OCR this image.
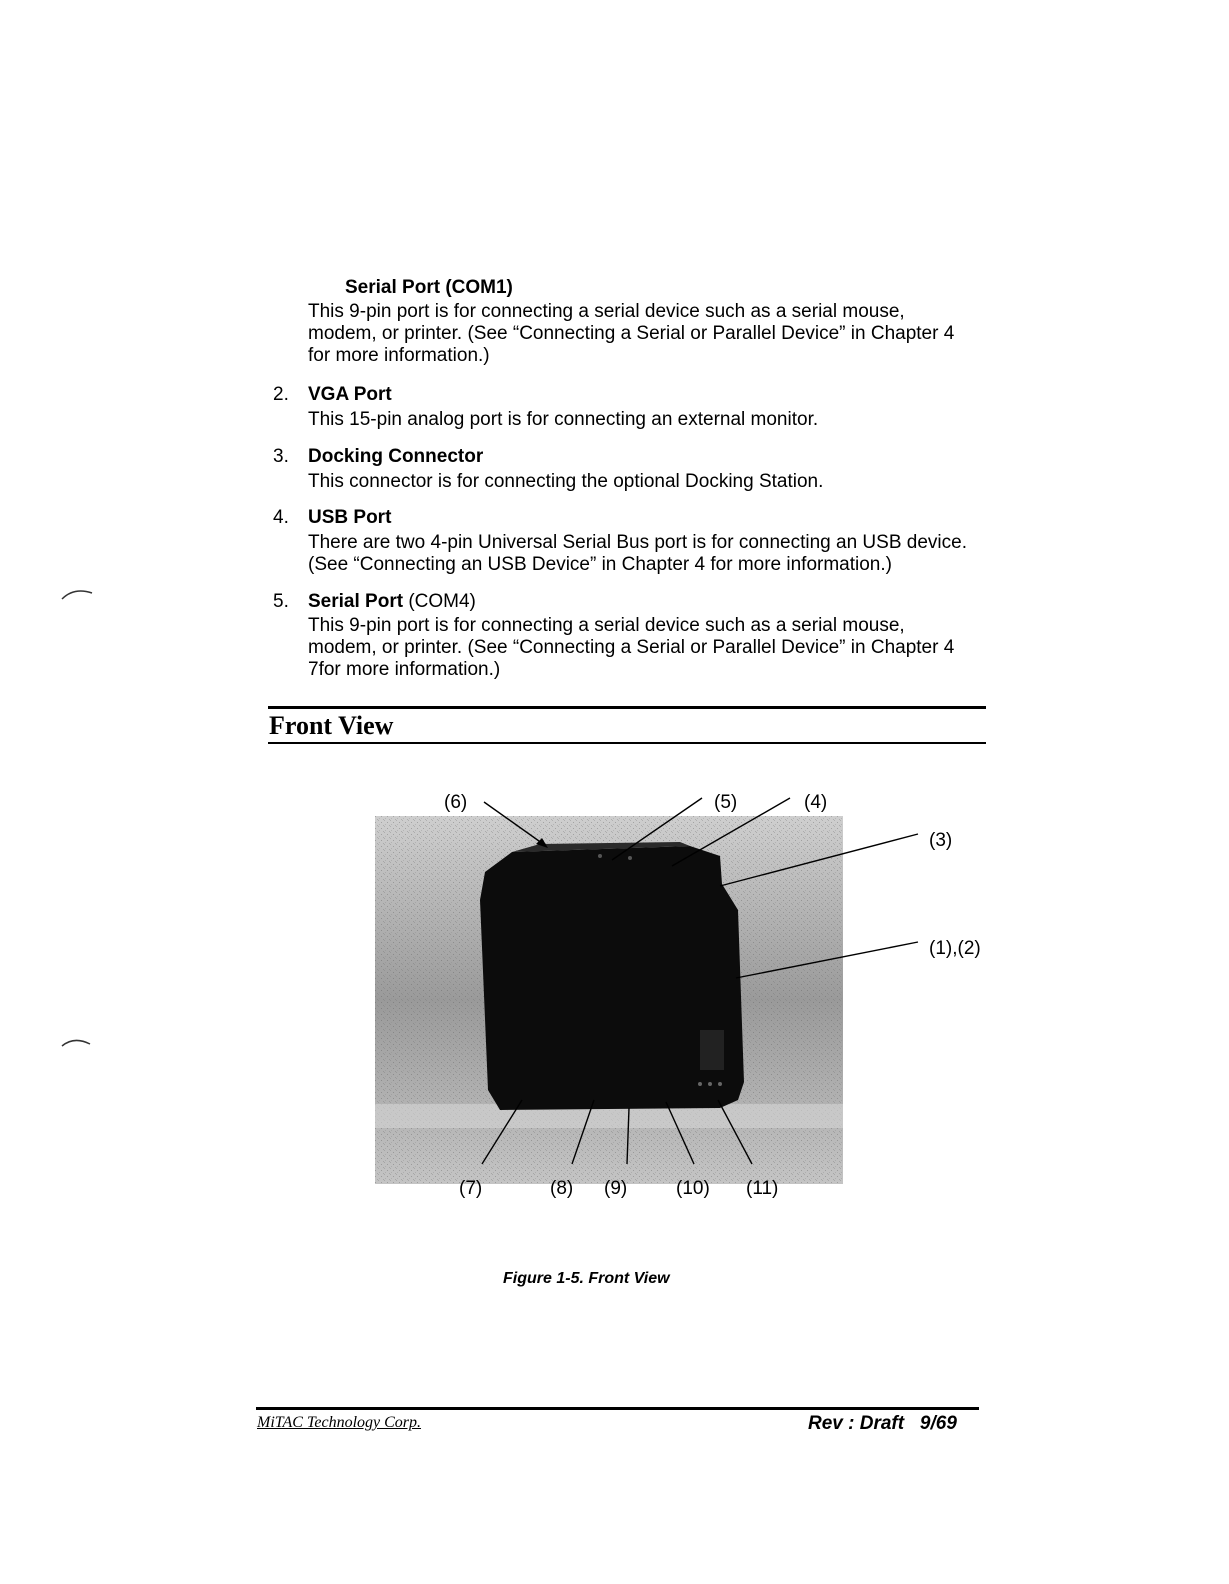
Serial Port (COM1)
This 9-pin port is for connecting a serial device such as a serial mouse,
modem, or printer. (See “Connecting a Serial or Parallel Device” in Chapter 4
for more information.)
2. VGA Port
This 15-pin analog port is for connecting an external monitor.
3. Docking Connector
This connector is for connecting the optional Docking Station.
4. USB Port
There are two 4-pin Universal Serial Bus port is for connecting an USB device.
(See “Connecting an USB Device” in Chapter 4 for more information.)
5. Serial Port (COM4)
This 9-pin port is for connecting a serial device such as a serial mouse,
modem, or printer. (See “Connecting a Serial or Parallel Device” in Chapter 4
7for more information.)
Front View
(6)	(5)	(4)
(3)
(1),(2)
(7)	(8) (9)	(10) (11)
Figure 1-5. Front View
MiTAC Technology Corp.	Rev : Draft   9/69
